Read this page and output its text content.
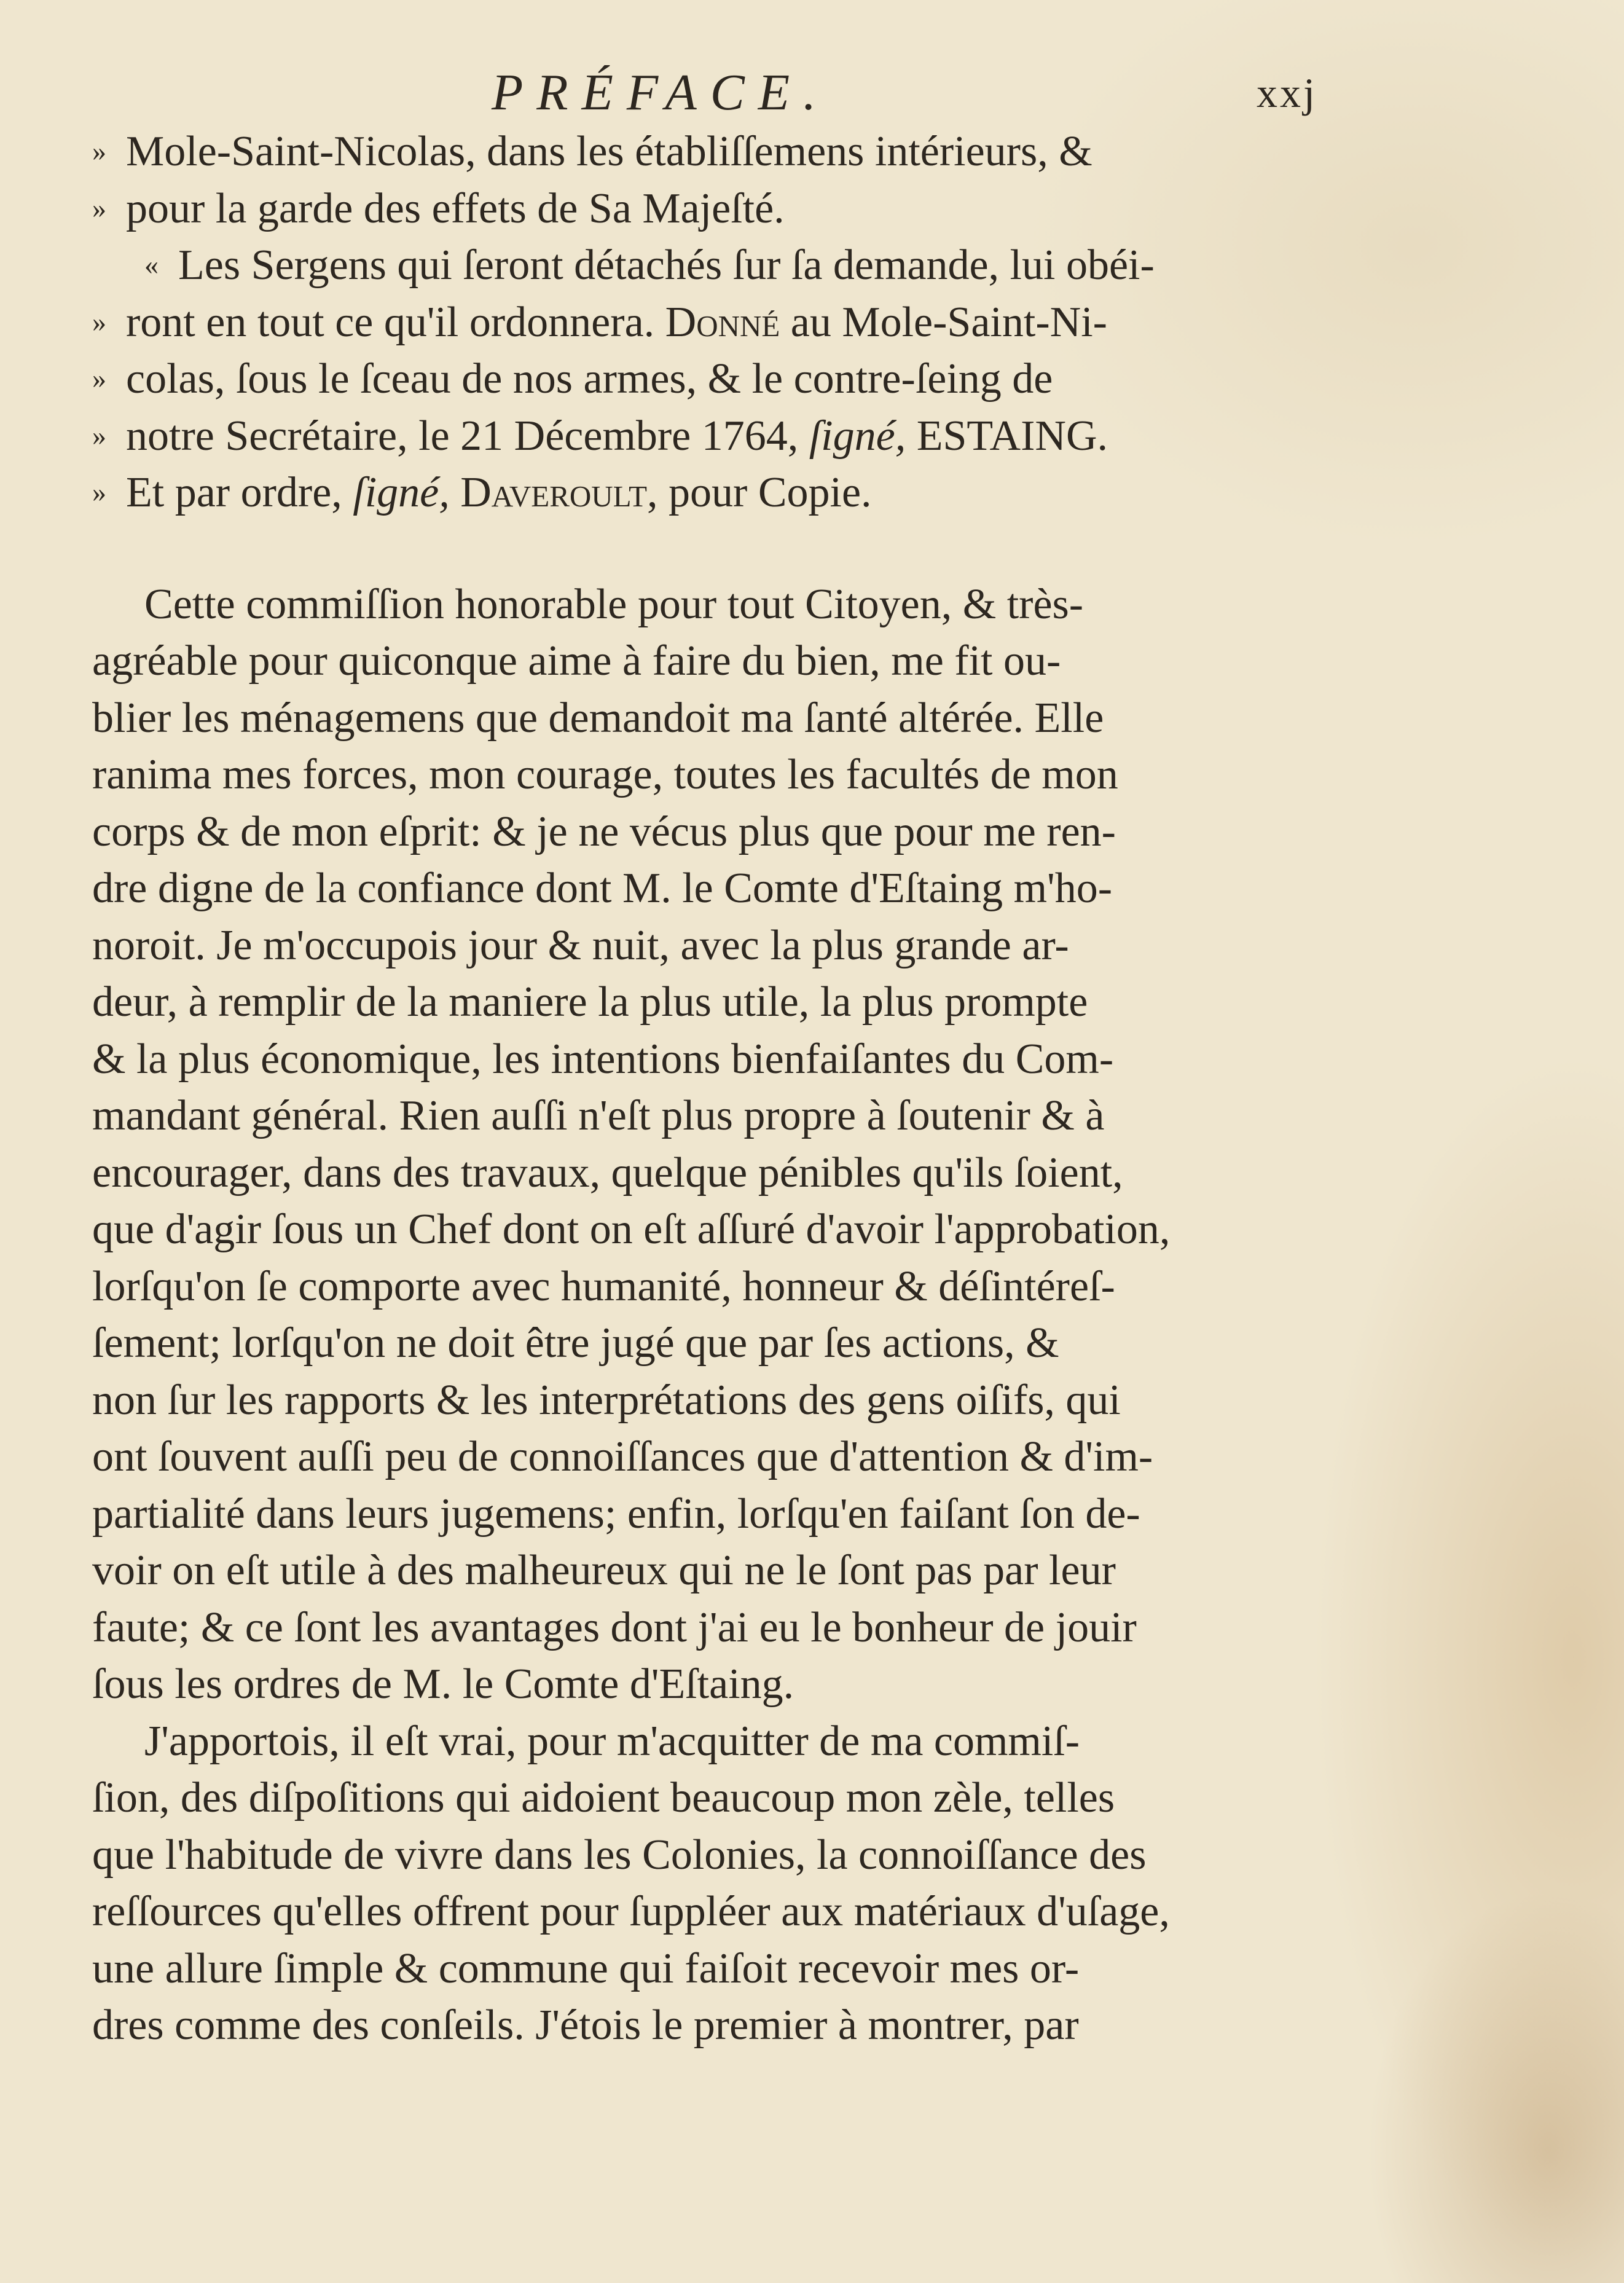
PRÉFACE.	xxj
» Mole-Saint-Nicolas, dans les établiſſemens intérieurs, &
» pour la garde des effets de Sa Majeſté.
« Les Sergens qui ſeront détachés ſur ſa demande, lui obéi-
» ront en tout ce qu'il ordonnera. Donné au Mole-Saint-Ni-
» colas, ſous le ſceau de nos armes, & le contre-ſeing de
» notre Secrétaire, le 21 Décembre 1764, ſigné, ESTAING.
» Et par ordre, ſigné, Daveroult, pour Copie.
Cette commiſſion honorable pour tout Citoyen, & très-
agréable pour quiconque aime à faire du bien, me fit ou-
blier les ménagemens que demandoit ma ſanté altérée. Elle
ranima mes forces, mon courage, toutes les facultés de mon
corps & de mon eſprit: & je ne vécus plus que pour me ren-
dre digne de la confiance dont M. le Comte d'Eſtaing m'ho-
noroit. Je m'occupois jour & nuit, avec la plus grande ar-
deur, à remplir de la maniere la plus utile, la plus prompte
& la plus économique, les intentions bienfaiſantes du Com-
mandant général. Rien auſſi n'eſt plus propre à ſoutenir & à
encourager, dans des travaux, quelque pénibles qu'ils ſoient,
que d'agir ſous un Chef dont on eſt aſſuré d'avoir l'approbation,
lorſqu'on ſe comporte avec humanité, honneur & déſintéreſ-
ſement; lorſqu'on ne doit être jugé que par ſes actions, &
non ſur les rapports & les interprétations des gens oiſifs, qui
ont ſouvent auſſi peu de connoiſſances que d'attention & d'im-
partialité dans leurs jugemens; enfin, lorſqu'en faiſant ſon de-
voir on eſt utile à des malheureux qui ne le ſont pas par leur
faute; & ce ſont les avantages dont j'ai eu le bonheur de jouir
ſous les ordres de M. le Comte d'Eſtaing.
J'apportois, il eſt vrai, pour m'acquitter de ma commiſ-
ſion, des diſpoſitions qui aidoient beaucoup mon zèle, telles
que l'habitude de vivre dans les Colonies, la connoiſſance des
reſſources qu'elles offrent pour ſuppléer aux matériaux d'uſage,
une allure ſimple & commune qui faiſoit recevoir mes or-
dres comme des conſeils. J'étois le premier à montrer, par
